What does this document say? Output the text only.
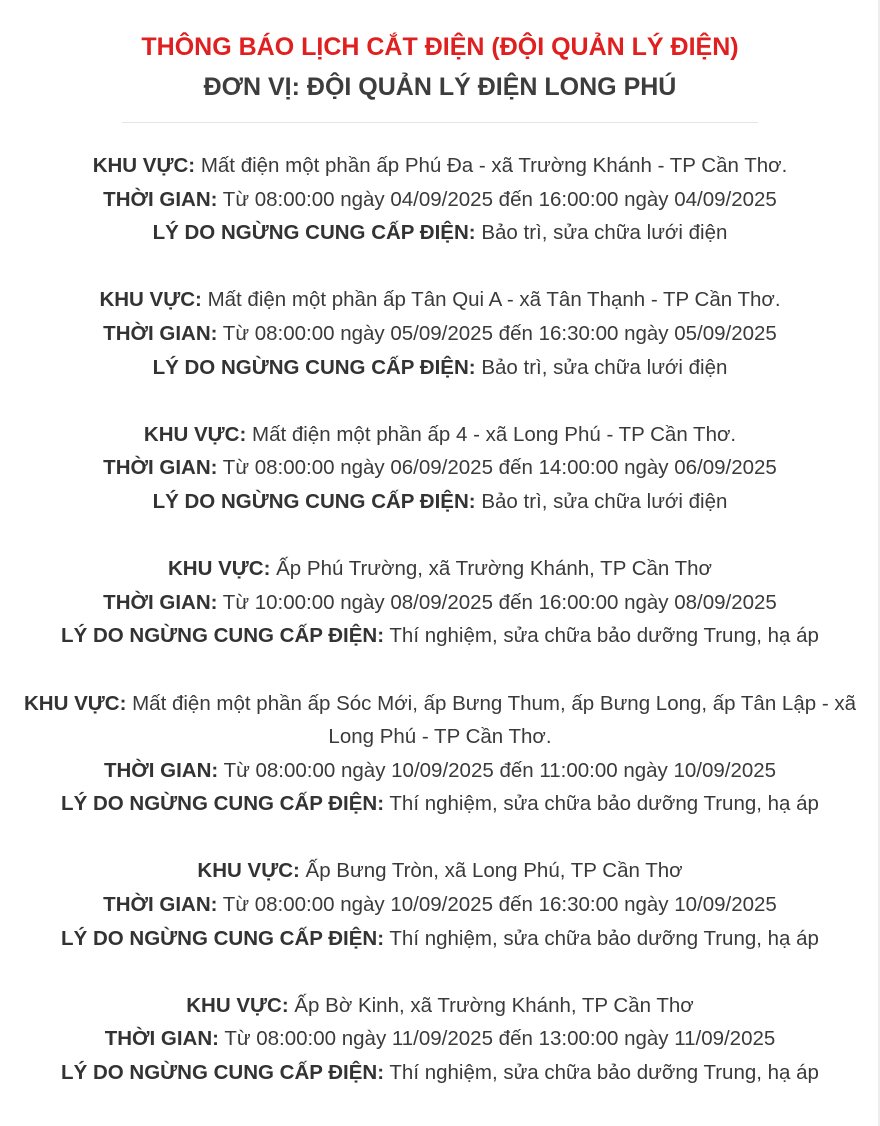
THÔNG BÁO LỊCH CẮT ĐIỆN (ĐỘI QUẢN LÝ ĐIỆN)
ĐƠN VỊ: ĐỘI QUẢN LÝ ĐIỆN LONG PHÚ

KHU VỰC: Mất điện một phần ấp Phú Đa - xã Trường Khánh - TP Cần Thơ.

THỜI GIAN: Từ 08:00:00 ngày 04/09/2025 đến 16:00:00 ngày 04/09/2025

LÝ DO NGỪNG CUNG CẤP ĐIỆN: Bảo trì, sửa chữa lưới điện

KHU VỰC: Mất điện một phần ấp Tân Qui A - xã Tân Thạnh - TP Cần Thơ.

THỜI GIAN: Từ 08:00:00 ngày 05/09/2025 đến 16:30:00 ngày 05/09/2025

LÝ DO NGỪNG CUNG CẤP ĐIỆN: Bảo trì, sửa chữa lưới điện

KHU VỰC: Mất điện một phần ấp 4 - xã Long Phú - TP Cần Thơ.

THỜI GIAN: Từ 08:00:00 ngày 06/09/2025 đến 14:00:00 ngày 06/09/2025

LÝ DO NGỪNG CUNG CẤP ĐIỆN: Bảo trì, sửa chữa lưới điện

KHU VỰC: Ấp Phú Trường, xã Trường Khánh, TP Cần Thơ

THỜI GIAN: Từ 10:00:00 ngày 08/09/2025 đến 16:00:00 ngày 08/09/2025

LÝ DO NGỪNG CUNG CẤP ĐIỆN: Thí nghiệm, sửa chữa bảo dưỡng Trung, hạ áp

KHU VỰC: Mất điện một phần ấp Sóc Mới, ấp Bưng Thum, ấp Bưng Long, ấp Tân Lập - xã Long Phú - TP Cần Thơ.

THỜI GIAN: Từ 08:00:00 ngày 10/09/2025 đến 11:00:00 ngày 10/09/2025

LÝ DO NGỪNG CUNG CẤP ĐIỆN: Thí nghiệm, sửa chữa bảo dưỡng Trung, hạ áp

KHU VỰC: Ấp Bưng Tròn, xã Long Phú, TP Cần Thơ

THỜI GIAN: Từ 08:00:00 ngày 10/09/2025 đến 16:30:00 ngày 10/09/2025

LÝ DO NGỪNG CUNG CẤP ĐIỆN: Thí nghiệm, sửa chữa bảo dưỡng Trung, hạ áp

KHU VỰC: Ấp Bờ Kinh, xã Trường Khánh, TP Cần Thơ

THỜI GIAN: Từ 08:00:00 ngày 11/09/2025 đến 13:00:00 ngày 11/09/2025

LÝ DO NGỪNG CUNG CẤP ĐIỆN: Thí nghiệm, sửa chữa bảo dưỡng Trung, hạ áp
